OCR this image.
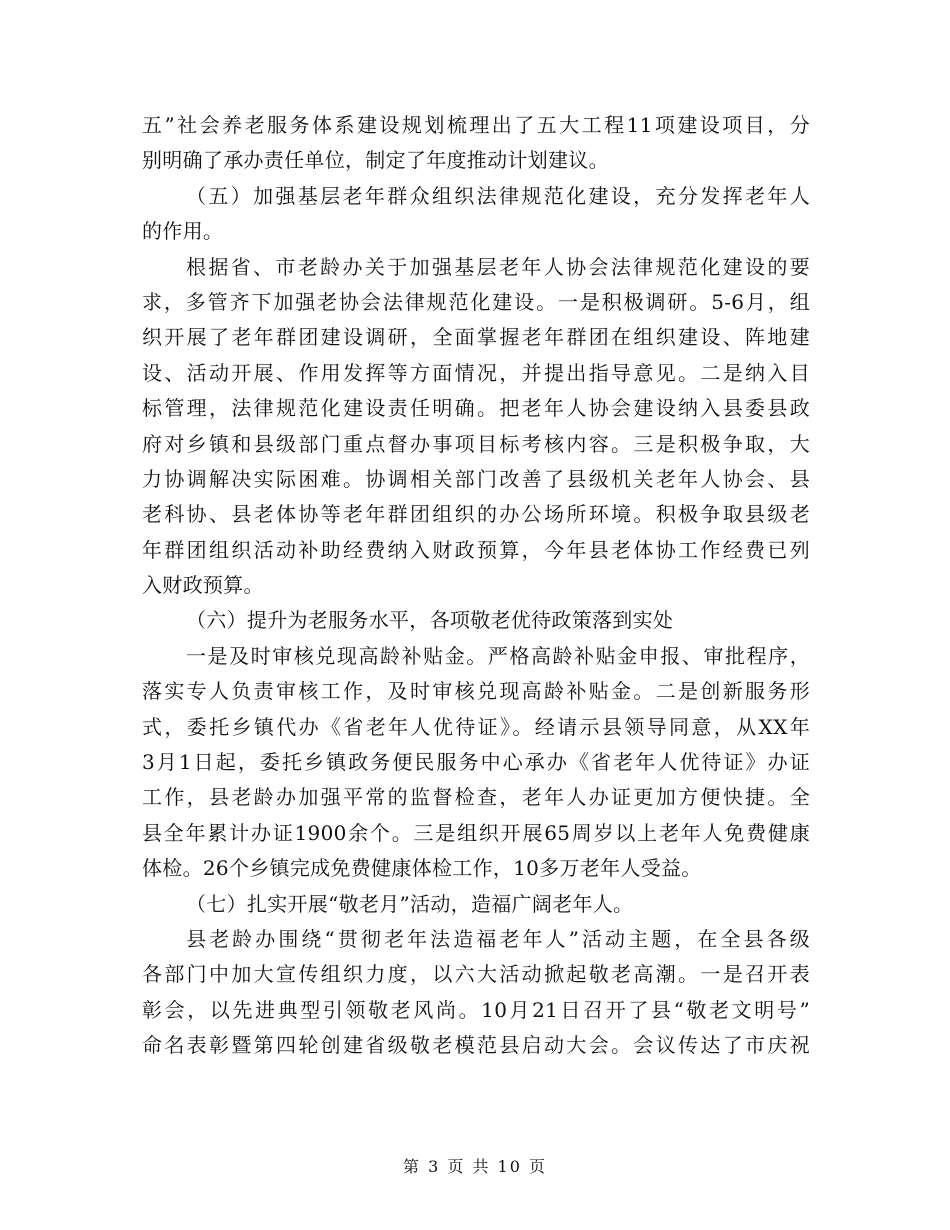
五”社会养老服务体系建设规划梳理出了五大工程11项建设项目，分
别明确了承办责任单位，制定了年度推动计划建议。
（五）加强基层老年群众组织法律规范化建设，充分发挥老年人
的作用。
根据省、市老龄办关于加强基层老年人协会法律规范化建设的要
求，多管齐下加强老协会法律规范化建设。一是积极调研。5-6月，组
织开展了老年群团建设调研，全面掌握老年群团在组织建设、阵地建
设、活动开展、作用发挥等方面情况，并提出指导意见。二是纳入目
标管理，法律规范化建设责任明确。把老年人协会建设纳入县委县政
府对乡镇和县级部门重点督办事项目标考核内容。三是积极争取，大
力协调解决实际困难。协调相关部门改善了县级机关老年人协会、县
老科协、县老体协等老年群团组织的办公场所环境。积极争取县级老
年群团组织活动补助经费纳入财政预算，今年县老体协工作经费已列
入财政预算。
（六）提升为老服务水平，各项敬老优待政策落到实处
一是及时审核兑现高龄补贴金。严格高龄补贴金申报、审批程序，
落实专人负责审核工作，及时审核兑现高龄补贴金。二是创新服务形
式，委托乡镇代办《省老年人优待证》。经请示县领导同意，从XX年
3月1日起，委托乡镇政务便民服务中心承办《省老年人优待证》办证
工作，县老龄办加强平常的监督检查，老年人办证更加方便快捷。全
县全年累计办证1900余个。三是组织开展65周岁以上老年人免费健康
体检。26个乡镇完成免费健康体检工作，10多万老年人受益。
（七）扎实开展“敬老月”活动，造福广阔老年人。
县老龄办围绕“贯彻老年法造福老年人”活动主题，在全县各级
各部门中加大宣传组织力度，以六大活动掀起敬老高潮。一是召开表
彰会，以先进典型引领敬老风尚。10月21日召开了县“敬老文明号”
命名表彰暨第四轮创建省级敬老模范县启动大会。会议传达了市庆祝
第 3 页 共 10 页
